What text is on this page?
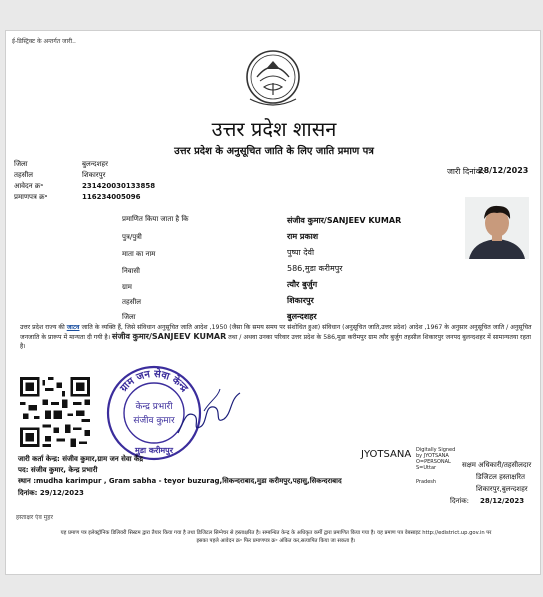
ई-डिस्ट्रिक्ट के अन्तर्गत जारी..
उत्तर प्रदेश शासन
उत्तर प्रदेश के अनुसूचित जाति के लिए जाति प्रमाण पत्र
जिला	बुलन्दशहर
तहसील	शिकारपुर
आवेदन क्र॰	231420030133858
प्रमाणपत्र क्र॰	116234005096
जारी दिनांक:
28/12/2023
प्रमाणित किया जाता है कि	संजीव कुमार/SANJEEV KUMAR
पुत्र/पुत्री	राम प्रकाश
माता का नाम	पुष्पा देवी
निवासी	586,मुडा करीमपुर
ग्राम	त्यौर बुर्जुग
तहसील	शिकारपुर
जिला	बुलन्दशहर
उत्तर प्रदेश राज्य की जाटव जाति के व्यक्ति हैं, जिसे संविधान अनुसूचित जाति आदेश ,1950 (जैसा कि समय समय पर संशोधित हुआ) संविधान (अनुसूचित जाति,उत्तर प्रदेश) आदेश ,1967 के अनुसार अनुसूचित जाति / अनुसूचित जनजाति के प्रारूप में मान्यता दी गयी है। संजीव कुमार/SANJEEV KUMAR तथा / अथवा उनका परिवार उत्तर प्रदेश के 586,मुडा करीमपुर ग्राम त्यौर बुर्जुग तहसील शिकारपुर जनपद बुलन्दशहर में सामान्यतया रहता है।
ग्राम जन सेवा केन्द्र
केन्द्र प्रभारी
संजीव कुमार
मुडा करीमपुर
जारी कर्ता केन्द्र: संजीव कुमार,ग्राम जन सेवा केंद्र
पद: संजीव कुमार, केन्द्र प्रभारी
स्थान :mudha karimpur , Gram sabha - teyor buzurag,सिकन्दराबाद,मुडा करीमपुर,पहासु,सिकन्दराबाद
दिनांक: 29/12/2023
हस्ताक्षर एंव मुहर
JYOTSANA Digitally Signed
by JYOTSANA
O=PERSONAL
S=Uttar
Pradesh
सक्षम अधिकारी/तहसीलदार
डिजिटल हस्ताक्षरित
शिकारपुर,बुलन्दशहर
दिनांक: 28/12/2023
यह प्रमाण पत्र इलेक्ट्रॉनिक डिलिवरी सिस्टम द्वारा तैयार किया गया है तथा डिजिटल सिग्नेचर से हस्ताक्षरित है। सम्बन्धित केन्द्र के अधिकृत कर्मी द्वारा प्रमाणित किया गया है। यह प्रमाण पत्र वेबसाइट http://edistrict.up.gov.in पर
इसका पहले आवेदन क्र॰ फिर प्रमाणपत्र क्र॰ अंकित कर,सत्यापित किया जा सकता है।
